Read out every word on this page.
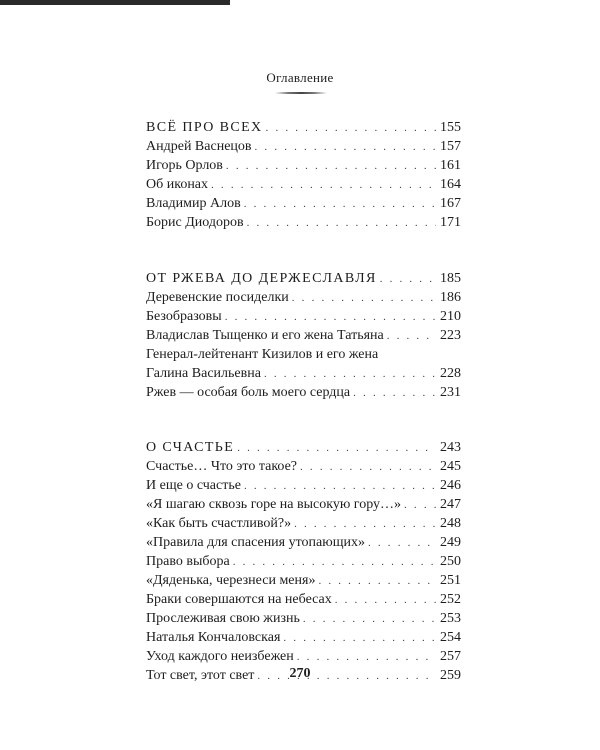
Оглавление
ВСЁ ПРО ВСЕХ . . .	155
Андрей Васнецов . . .	157
Игорь Орлов . . .	161
Об иконах . . .	164
Владимир Алов . . .	167
Борис Диодоров . . .	171
ОТ РЖЕВА ДО ДЕРЖЕСЛАВЛЯ . . .	185
Деревенские посиделки . . .	186
Безобразовы . . .	210
Владислав Тыщенко и его жена Татьяна . . .	223
Генерал-лейтенант Кизилов и его жена
Галина Васильевна . . .	228
Ржев — особая боль моего сердца . . .	231
О СЧАСТЬЕ . . .	243
Счастье… Что это такое? . . .	245
И еще о счастье . . .	246
«Я шагаю сквозь горе на высокую гору…» . . .	247
«Как быть счастливой?» . . .	248
«Правила для спасения утопающих» . . .	249
Право выбора . . .	250
«Дяденька, черезнеси меня» . . .	251
Браки совершаются на небесах . . .	252
Прослеживая свою жизнь . . .	253
Наталья Кончаловская . . .	254
Уход каждого неизбежен . . .	257
Тот свет, этот свет . . .	259
270
